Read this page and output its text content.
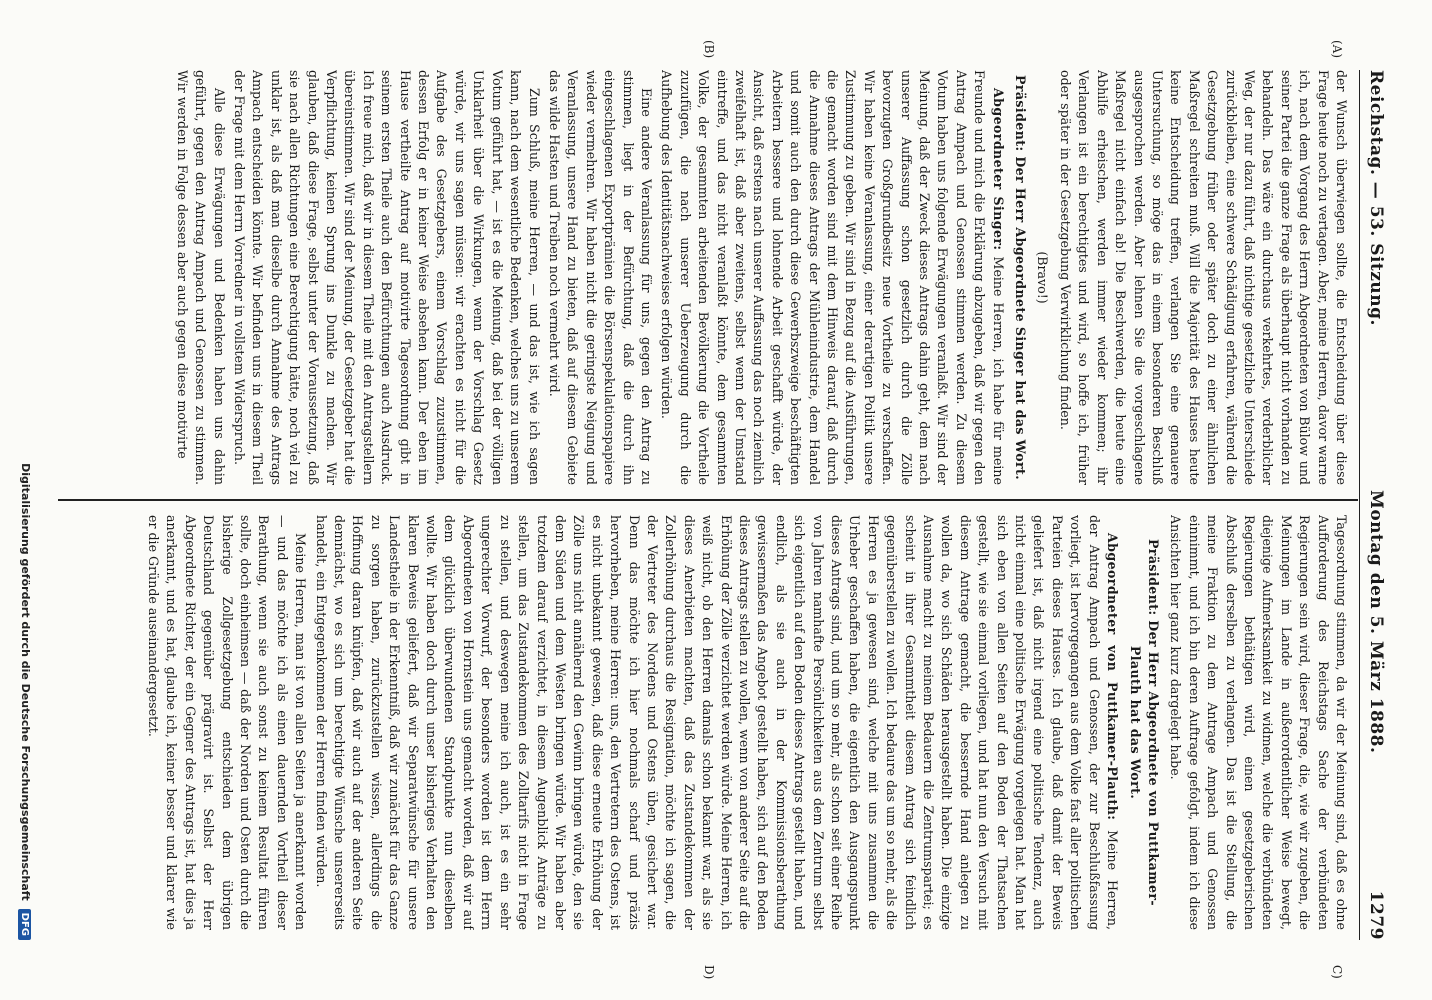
Reichstag. — 53. Sitzung.
Montag den 5. März 1888.
1279
(A)
(B)
C)
D)

der Wunsch überwiegen sollte, die Entscheidung über diese Frage heute noch zu vertagen. Aber, meine Herren, davor warne ich, nach dem Vorgang des Herrn Abgeordneten von Bülow und seiner Partei die ganze Frage als überhaupt nicht vorhanden zu behandeln. Das wäre ein durchaus verkehrtes, verderblicher Weg, der nur dazu führt, daß nichtige gesetzliche Unterschiede zurückbleiben, eine schwere Schädigung erfahren, während die Gesetzgebung früher oder später doch zu einer ähnlichen Maßregel schreiten muß. Will die Majorität des Hauses heute keine Entscheidung treffen, verlangen Sie eine genauere Untersuchung, so möge das in einem besonderen Beschluß ausgesprochen werden. Aber lehnen Sie die vorgeschlagene Maßregel nicht einfach ab! Die Beschwerden, die heute eine Abhilfe erheischen, werden immer wieder kommen; ihr Verlangen ist ein berechtigtes und wird, so hoffe ich, früher oder später in der Gesetzgebung Verwirklichung finden.

(Bravo!)

Präsident: Der Herr Abgeordnete Singer hat das Wort.

Abgeordneter Singer: Meine Herren, ich habe für meine Freunde und mich die Erklärung abzugeben, daß wir gegen den Antrag Ampach und Genossen stimmen werden. Zu diesem Votum haben uns folgende Erwägungen veranlaßt. Wir sind der Meinung, daß der Zweck dieses Antrags dahin geht, dem nach unserer Auffassung schon gesetzlich durch die Zölle bevorzugten Großgrundbesitz neue Vortheile zu verschaffen. Wir haben keine Veranlassung, einer derartigen Politik unsere Zustimmung zu geben. Wir sind in Bezug auf die Ausführungen, die gemacht worden sind mit dem Hinweis darauf, daß durch die Annahme dieses Antrags der Mühlenindustrie, dem Handel und somit auch den durch diese Gewerbszweige beschäftigten Arbeitern bessere und lohnende Arbeit geschafft würde, der Ansicht, daß erstens nach unserer Auffassung das noch ziemlich zweifelhaft ist, daß aber zweitens, selbst wenn der Umstand eintreffe, und das nicht veranlaßt könnte, dem gesammten Volke, der gesammten arbeitenden Bevölkerung die Vortheile zuzufügen, die nach unserer Ueberzeugung durch die Aufhebung des Identitätsnachweises erfolgen würden.

Eine andere Veranlassung für uns, gegen den Antrag zu stimmen, liegt in der Befürchtung, daß die durch ihn eingeschlagenen Exportprämien die Börsenspekulationspapiere wieder vermehren. Wir haben nicht die geringste Neigung und Veranlassung, unsere Hand zu bieten, daß auf diesem Gebiete das wilde Hasten und Treiben noch vermehrt wird.

Zum Schluß, meine Herren, — und das ist, wie ich sagen kann, nach dem wesentliche Bedenken, welches uns zu unserem Votum geführt hat, — ist es die Meinung, daß bei der völligen Unklarheit über die Wirkungen, wenn der Vorschlag Gesetz würde, wir uns sagen müssen: wir erachten es nicht für die Aufgabe des Gesetzgebers, einem Vorschlag zuzustimmen, dessen Erfolg er in keiner Weise absehen kann. Der eben im Hause vertheilte Antrag auf motivirte Tagesordnung gibt in seinem ersten Theile auch den Befürchtungen auch Ausdruck. Ich freue mich, daß wir in diesem Theile mit den Antragstellern übereinstimmen. Wir sind der Meinung, der Gesetzgeber hat die Verpflichtung, keinen Sprung ins Dunkle zu machen. Wir glauben, daß diese Frage, selbst unter der Voraussetzung, daß sie nach allen Richtungen eine Berechtigung hätte, noch viel zu unklar ist, als daß man dieselbe durch Annahme des Antrags Ampach entscheiden könnte. Wir befinden uns in diesem Theil der Frage mit dem Herrn Vorredner in vollstem Widerspruch.

Alle diese Erwägungen und Bedenken haben uns dahin geführt, gegen den Antrag Ampach und Genossen zu stimmen. Wir werden in Folge dessen aber auch gegen diese motivirte

Tagesordnung stimmen, da wir der Meinung sind, daß es ohne Aufforderung des Reichstags Sache der verbündeten Regierungen sein wird, dieser Frage, die, wie wir zugeben, die Meinungen im Lande in außerordentlicher Weise bewegt, diejenige Aufmerksamkeit zu widmen, welche die verbündeten Regierungen bethätigen wird, einen gesetzgeberischen Abschluß derselben zu verlangen. Das ist die Stellung, die meine Fraktion zu dem Antrage Ampach und Genossen einnimmt, und ich bin deren Auftrage gefolgt, indem ich diese Ansichten hier ganz kurz dargelegt habe.

Präsident: Der Herr Abgeordnete von Puttkamer-Plauth hat das Wort.

Abgeordneter von Puttkamer-Plauth: Meine Herren, der Antrag Ampach und Genossen, der zur Beschlußfassung vorliegt, ist hervorgegangen aus dem Volke fast aller politischen Parteien dieses Hauses. Ich glaube, daß damit der Beweis geliefert ist, daß nicht irgend eine politische Tendenz, auch nicht einmal eine politische Erwägung vorgelegen hat. Man hat sich eben von allen Seiten auf den Boden der Thatsachen gestellt, wie sie einmal vorliegen, und hat nun den Versuch mit diesem Antrage gemacht, die bessernde Hand anlegen zu wollen da, wo sich Schäden herausgestellt haben. Die einzige Ausnahme macht zu meinem Bedauern die Zentrumspartei; es scheint in ihrer Gesammtheit diesem Antrag sich feindlich gegenüberstellen zu wollen. Ich bedaure das um so mehr, als die Herren es ja gewesen sind, welche mit uns zusammen die Urheber geschaffen haben, die eigentlich den Ausgangspunkt dieses Antrags sind, und um so mehr, als schon seit einer Reihe von Jahren namhafte Persönlichkeiten aus dem Zentrum selbst sich eigentlich auf den Boden dieses Antrags gestellt haben, und endlich, als sie auch in der Kommissionsberathung gewissermaßen das Angebot gestellt haben, sich auf den Boden dieses Antrags stellen zu wollen, wenn von anderer Seite auf die Erhöhung der Zölle verzichtet werden würde. Meine Herren, ich weiß nicht, ob den Herren damals schon bekannt war, als sie dieses Anerbieten machten, daß das Zustandekommen der Zollerhöhung durchaus die Resignation, möchte ich sagen, die der Vertreter des Nordens und Ostens üben, gesichert war. Denn das möchte ich hier nochmals scharf und präzis hervorheben, meine Herren: uns, den Vertretern des Ostens, ist es nicht unbekannt gewesen, daß diese erneute Erhöhung der Zölle uns nicht annähernd den Gewinn bringen würde, den sie dem Süden und dem Westen bringen würde. Wir haben aber trotzdem darauf verzichtet, in diesem Augenblick Anträge zu stellen, um das Zustandekommen des Zolltarifs nicht in Frage zu stellen, und deswegen meine ich auch, ist es ein sehr ungerechter Vorwurf, der besonders worden ist dem Herrn Abgeordneten von Hornstein uns gemacht worden, daß wir auf dem glücklich überwundenen Standpunkte nun dieselben wollte. Wir haben doch durch unser bisheriges Verhalten den klaren Beweis geliefert, daß wir Separatwünsche für unsere Landestheile in der Erkenntniß, daß wir zunächst für das Ganze zu sorgen haben, zurückzustellen wissen, allerdings die Hoffnung daran knüpfen, daß wir auch auf der anderen Seite demnächst, wo es sich um berechtigte Wünsche unsererseits handelt, ein Entgegenkommen der Herren finden würden.

Meine Herren, man ist von allen Seiten ja anerkannt worden — und das möchte ich als einen dauernden Vortheil dieser Berathung, wenn sie auch sonst zu keinem Resultat führen sollte, doch einheimsen — daß der Norden und Osten durch die bisherige Zollgesetzgebung entschieden dem übrigen Deutschland gegenüber prägravirt ist. Selbst der Herr Abgeordnete Richter, der ein Gegner des Antrags ist, hat dies ja anerkannt, und es hat, glaube ich, keiner besser und klarer wie er die Gründe auseinandergesetzt.

Digitalisierung gefördert durch die Deutsche Forschungsgemeinschaft DFG
